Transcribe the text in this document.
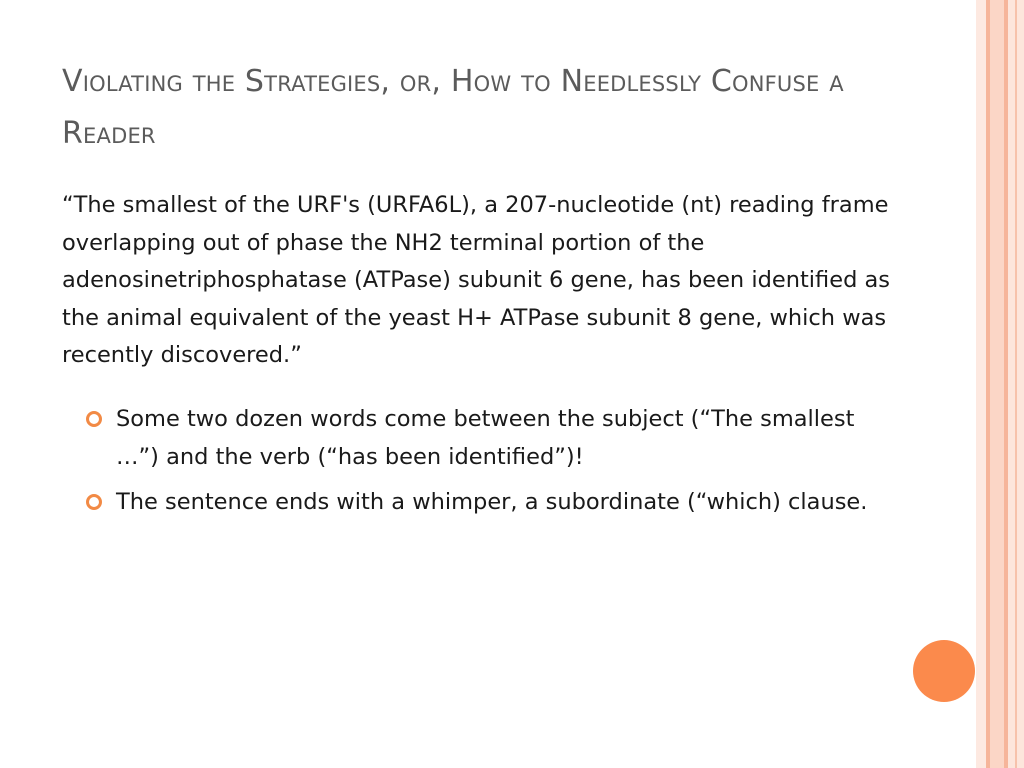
Violating the Strategies, or, How to Needlessly Confuse a Reader

“The smallest of the URF's (URFA6L), a 207-nucleotide (nt) reading frame overlapping out of phase the NH2 terminal portion of the adenosinetriphosphatase (ATPase) subunit 6 gene, has been identified as the animal equivalent of the yeast H+ ATPase subunit 8 gene, which was recently discovered.”

Some two dozen words come between the subject (“The smallest …”) and the verb (“has been identified”)!
The sentence ends with a whimper, a subordinate (“which) clause.
